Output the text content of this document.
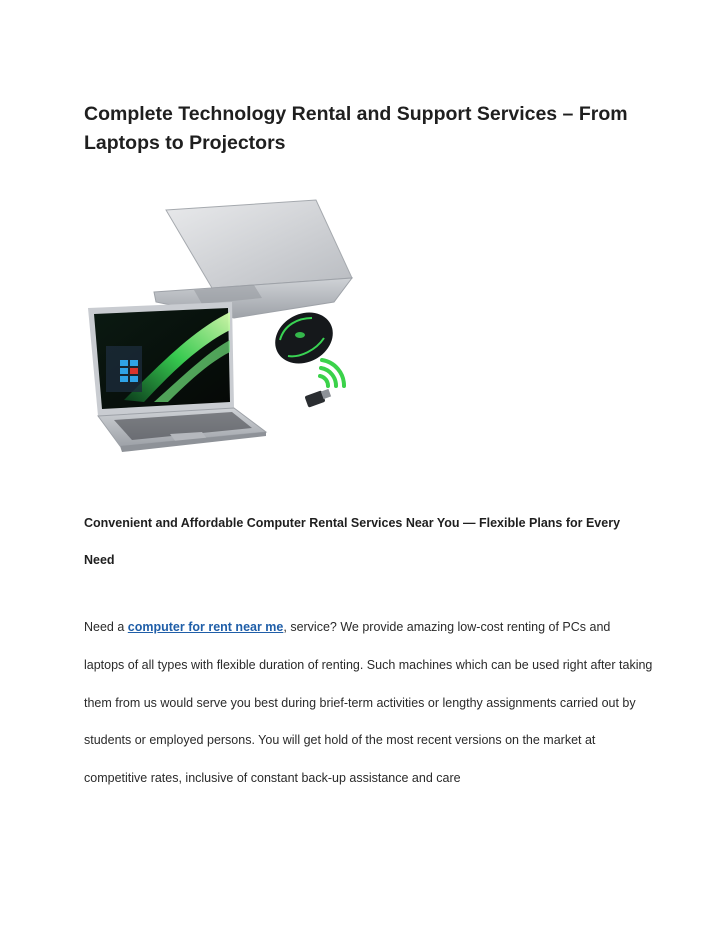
Complete Technology Rental and Support Services – From Laptops to Projectors
Convenient and Affordable Computer Rental Services Near You — Flexible Plans for Every Need

Need a computer for rent near me, service? We provide amazing low-cost renting of PCs and laptops of all types with flexible duration of renting. Such machines which can be used right after taking them from us would serve you best during brief-term activities or lengthy assignments carried out by students or employed persons. You will get hold of the most recent versions on the market at competitive rates, inclusive of constant back-up assistance and care
